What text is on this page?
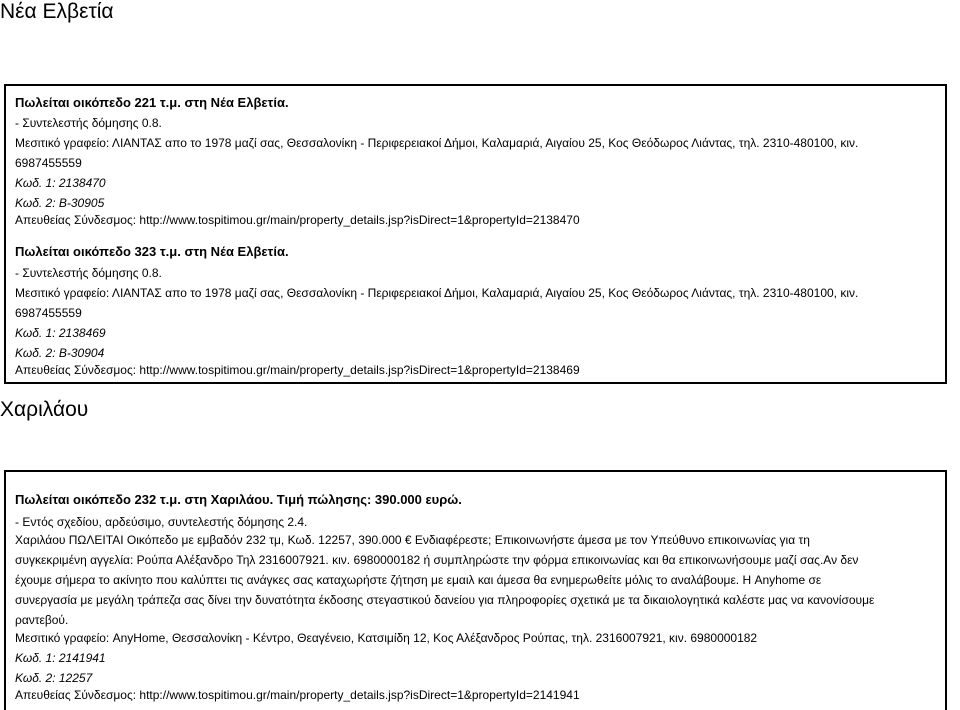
Νέα Ελβετία
Πωλείται οικόπεδο 221 τ.μ. στη Νέα Ελβετία.
- Συντελεστής δόμησης 0.8.
Μεσιτικό γραφείο: ΛΙΑΝΤΑΣ απο το 1978 μαζί σας, Θεσσαλονίκη - Περιφερειακοί Δήμοι, Καλαμαριά, Αιγαίου 25, Κος Θεόδωρος Λιάντας, τηλ. 2310-480100, κιν.
6987455559
Κωδ. 1: 2138470
Κωδ. 2: B-30905
Απευθείας Σύνδεσμος: http://www.tospitimou.gr/main/property_details.jsp?isDirect=1&propertyId=2138470
Πωλείται οικόπεδο 323 τ.μ. στη Νέα Ελβετία.
- Συντελεστής δόμησης 0.8.
Μεσιτικό γραφείο: ΛΙΑΝΤΑΣ απο το 1978 μαζί σας, Θεσσαλονίκη - Περιφερειακοί Δήμοι, Καλαμαριά, Αιγαίου 25, Κος Θεόδωρος Λιάντας, τηλ. 2310-480100, κιν.
6987455559
Κωδ. 1: 2138469
Κωδ. 2: B-30904
Απευθείας Σύνδεσμος: http://www.tospitimou.gr/main/property_details.jsp?isDirect=1&propertyId=2138469
Χαριλάου
Πωλείται οικόπεδο 232 τ.μ. στη Χαριλάου. Τιμή πώλησης: 390.000 ευρώ.
- Εντός σχεδίου, αρδεύσιμο, συντελεστής δόμησης 2.4.
Χαριλάου ΠΩΛΕΙΤΑΙ Οικόπεδο με εμβαδόν 232 τμ, Κωδ. 12257, 390.000 € Ενδιαφέρεστε; Επικοινωνήστε άμεσα με τον Υπεύθυνο επικοινωνίας για τη
συγκεκριμένη αγγελία: Ρούπα Αλέξανδρο Τηλ 2316007921. κιν. 6980000182 ή συμπληρώστε την φόρμα επικοινωνίας και θα επικοινωνήσουμε μαζί σας.Αν δεν
έχουμε σήμερα το ακίνητο που καλύπτει τις ανάγκες σας καταχωρήστε ζήτηση με εμαιλ και άμεσα θα ενημερωθείτε μόλις το αναλάβουμε. Η Anyhome σε
συνεργασία με μεγάλη τράπεζα σας δίνει την δυνατότητα έκδοσης στεγαστικού δανείου για πληροφορίες σχετικά με τα δικαιολογητικά καλέστε μας να κανονίσουμε
ραντεβού.
Μεσιτικό γραφείο: AnyHome, Θεσσαλονίκη - Κέντρο, Θεαγένειο, Κατσιμίδη 12, Κος Αλέξανδρος Ρούπας, τηλ. 2316007921, κιν. 6980000182
Κωδ. 1: 2141941
Κωδ. 2: 12257
Απευθείας Σύνδεσμος: http://www.tospitimou.gr/main/property_details.jsp?isDirect=1&propertyId=2141941
